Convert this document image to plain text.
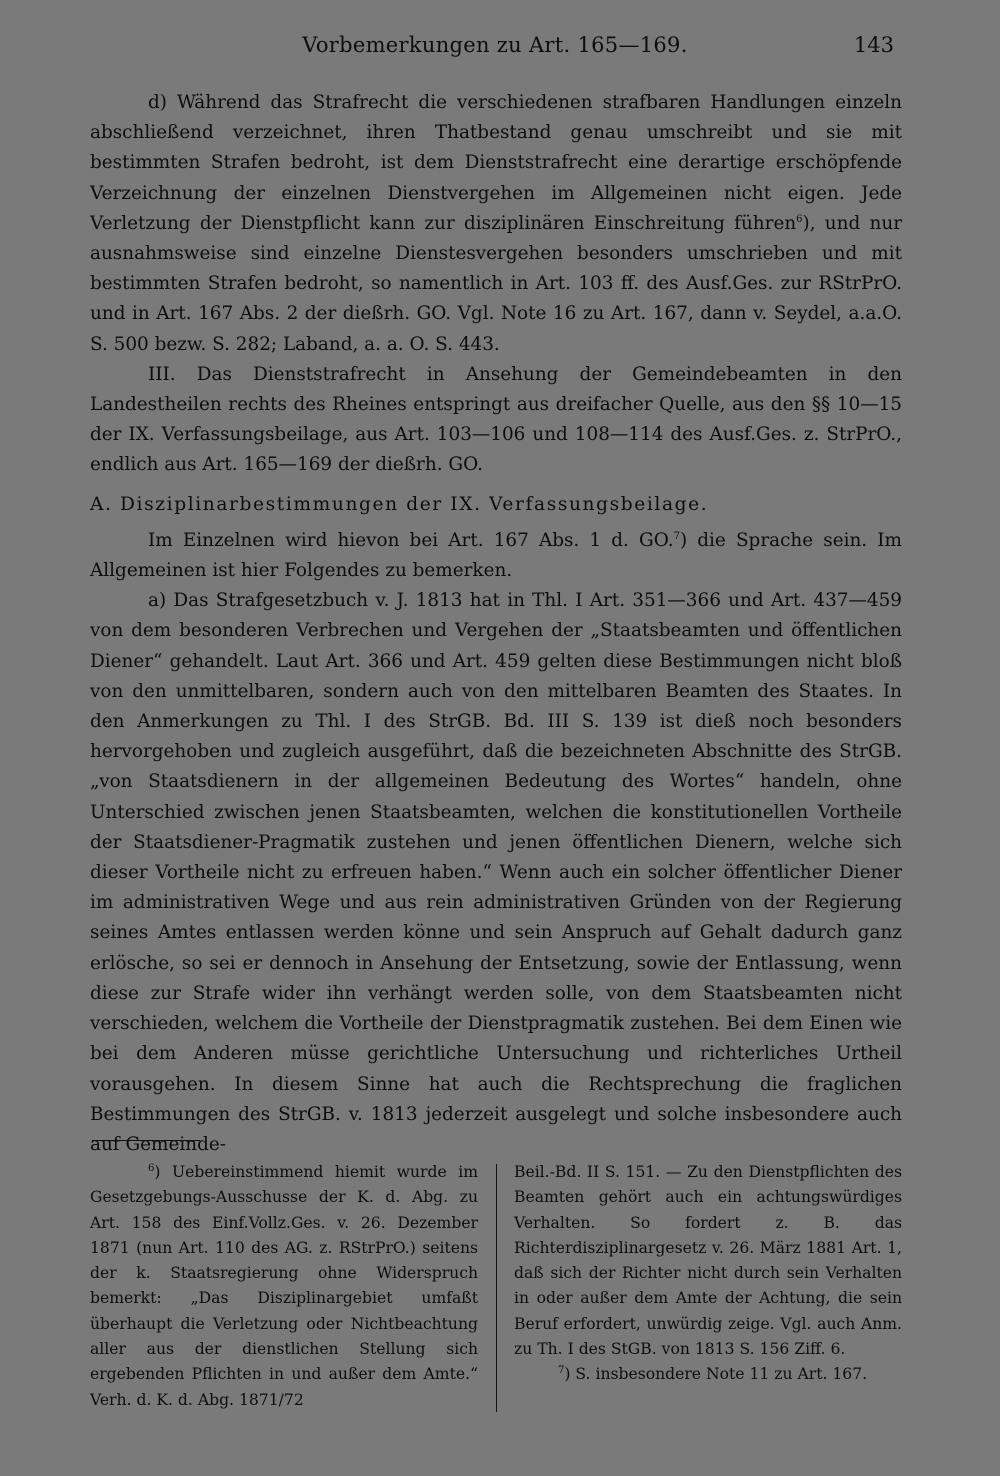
Vorbemerkungen zu Art. 165—169.	143

d) Während das Strafrecht die verschiedenen strafbaren Handlungen einzeln abschließend verzeichnet, ihren Thatbestand genau umschreibt und sie mit bestimmten Strafen bedroht, ist dem Dienststrafrecht eine derartige erschöpfende Verzeichnung der einzelnen Dienstvergehen im Allgemeinen nicht eigen. Jede Verletzung der Dienstpflicht kann zur disziplinären Einschreitung führen$^6$), und nur ausnahmsweise sind einzelne Dienstesvergehen besonders umschrieben und mit bestimmten Strafen bedroht, so namentlich in Art. 103 ff. des Ausf.Ges. zur RStrPrO. und in Art. 167 Abs. 2 der dießrh. GO. Vgl. Note 16 zu Art. 167, dann v. Seydel, a.a.O. S. 500 bezw. S. 282; Laband, a. a. O. S. 443.

III. Das Dienststrafrecht in Ansehung der Gemeindebeamten in den Landestheilen rechts des Rheines entspringt aus dreifacher Quelle, aus den §§ 10—15 der IX. Verfassungsbeilage, aus Art. 103—106 und 108—114 des Ausf.Ges. z. StrPrO., endlich aus Art. 165—169 der dießrh. GO.

A. Disziplinarbestimmungen der IX. Verfassungsbeilage.

Im Einzelnen wird hievon bei Art. 167 Abs. 1 d. GO.$^7$) die Sprache sein. Im Allgemeinen ist hier Folgendes zu bemerken.

a) Das Strafgesetzbuch v. J. 1813 hat in Thl. I Art. 351—366 und Art. 437—459 von dem besonderen Verbrechen und Vergehen der „Staatsbeamten und öffentlichen Diener“ gehandelt. Laut Art. 366 und Art. 459 gelten diese Bestimmungen nicht bloß von den unmittelbaren, sondern auch von den mittelbaren Beamten des Staates. In den Anmerkungen zu Thl. I des StrGB. Bd. III S. 139 ist dieß noch besonders hervorgehoben und zugleich ausgeführt, daß die bezeichneten Abschnitte des StrGB. „von Staatsdienern in der allgemeinen Bedeutung des Wortes“ handeln, ohne Unterschied zwischen jenen Staatsbeamten, welchen die konstitutionellen Vortheile der Staatsdiener-Pragmatik zustehen und jenen öffentlichen Dienern, welche sich dieser Vortheile nicht zu erfreuen haben.“ Wenn auch ein solcher öffentlicher Diener im administrativen Wege und aus rein administrativen Gründen von der Regierung seines Amtes entlassen werden könne und sein Anspruch auf Gehalt dadurch ganz erlösche, so sei er dennoch in Ansehung der Entsetzung, sowie der Entlassung, wenn diese zur Strafe wider ihn verhängt werden solle, von dem Staatsbeamten nicht verschieden, welchem die Vortheile der Dienstpragmatik zustehen. Bei dem Einen wie bei dem Anderen müsse gerichtliche Untersuchung und richterliches Urtheil vorausgehen. In diesem Sinne hat auch die Rechtsprechung die fraglichen Bestimmungen des StrGB. v. 1813 jederzeit ausgelegt und solche insbesondere auch auf Gemeinde-

$^6$) Uebereinstimmend hiemit wurde im Gesetzgebungs-Ausschusse der K. d. Abg. zu Art. 158 des Einf.Vollz.Ges. v. 26. Dezember 1871 (nun Art. 110 des AG. z. RStrPrO.) seitens der k. Staatsregierung ohne Widerspruch bemerkt: „Das Disziplinargebiet umfaßt überhaupt die Verletzung oder Nichtbeachtung aller aus der dienstlichen Stellung sich ergebenden Pflichten in und außer dem Amte.“ Verh. d. K. d. Abg. 1871/72

Beil.-Bd. II S. 151. — Zu den Dienstpflichten des Beamten gehört auch ein achtungswürdiges Verhalten. So fordert z. B. das Richterdisziplinargesetz v. 26. März 1881 Art. 1, daß sich der Richter nicht durch sein Verhalten in oder außer dem Amte der Achtung, die sein Beruf erfordert, unwürdig zeige. Vgl. auch Anm. zu Th. I des StGB. von 1813 S. 156 Ziff. 6.

$^7$) S. insbesondere Note 11 zu Art. 167.
